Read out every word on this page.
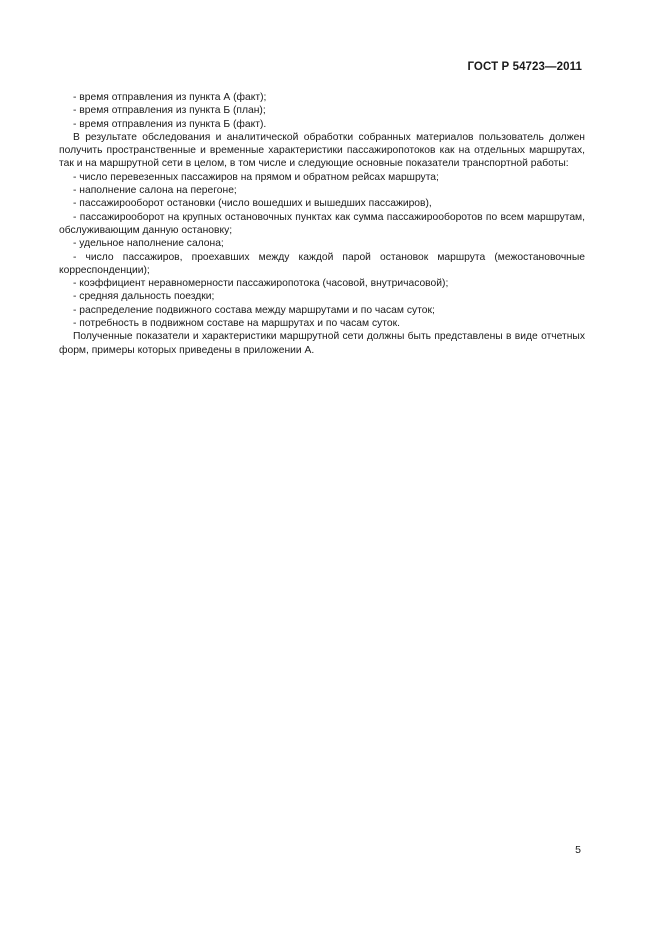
ГОСТ Р 54723—2011

- время отправления из пункта А (факт);

- время отправления из пункта Б (план);

- время отправления из пункта Б (факт).

В результате обследования и аналитической обработки собранных материалов пользователь должен получить пространственные и временные характеристики пассажиропотоков как на отдельных маршрутах, так и на маршрутной сети в целом, в том числе и следующие основные показатели транспортной работы:

- число перевезенных пассажиров на прямом и обратном рейсах маршрута;

- наполнение салона на перегоне;

- пассажирооборот остановки (число вошедших и вышедших пассажиров),

- пассажирооборот на крупных остановочных пунктах как сумма пассажирооборотов по всем маршрутам, обслуживающим данную остановку;

- удельное наполнение салона;

- число пассажиров, проехавших между каждой парой остановок маршрута (межостановочные корреспонденции);

- коэффициент неравномерности пассажиропотока (часовой, внутричасовой);

- средняя дальность поездки;

- распределение подвижного состава между маршрутами и по часам суток;

- потребность в подвижном составе на маршрутах и по часам суток.

Полученные показатели и характеристики маршрутной сети должны быть представлены в виде отчетных форм, примеры которых приведены в приложении А.

5
